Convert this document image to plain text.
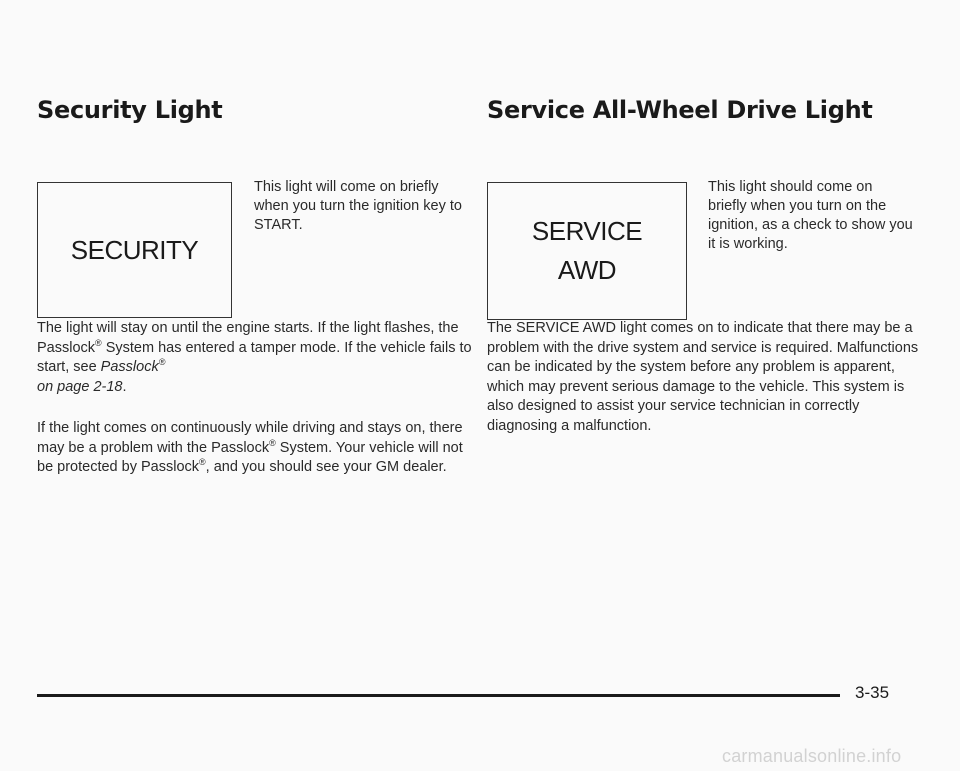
Security Light
SECURITY
This light will come on briefly when you turn the ignition key to START.

The light will stay on until the engine starts. If the light flashes, the Passlock® System has entered a tamper mode. If the vehicle fails to start, see Passlock®
on page 2-18.

If the light comes on continuously while driving and stays on, there may be a problem with the Passlock® System. Your vehicle will not be protected by Passlock®, and you should see your GM dealer.

Service All-Wheel Drive Light
SERVICE
AWD
This light should come on briefly when you turn on the ignition, as a check to show you it is working.

The SERVICE AWD light comes on to indicate that there may be a problem with the drive system and service is required. Malfunctions can be indicated by the system before any problem is apparent, which may prevent serious damage to the vehicle. This system is also designed to assist your service technician in correctly diagnosing a malfunction.

3-35
carmanualsonline.info
